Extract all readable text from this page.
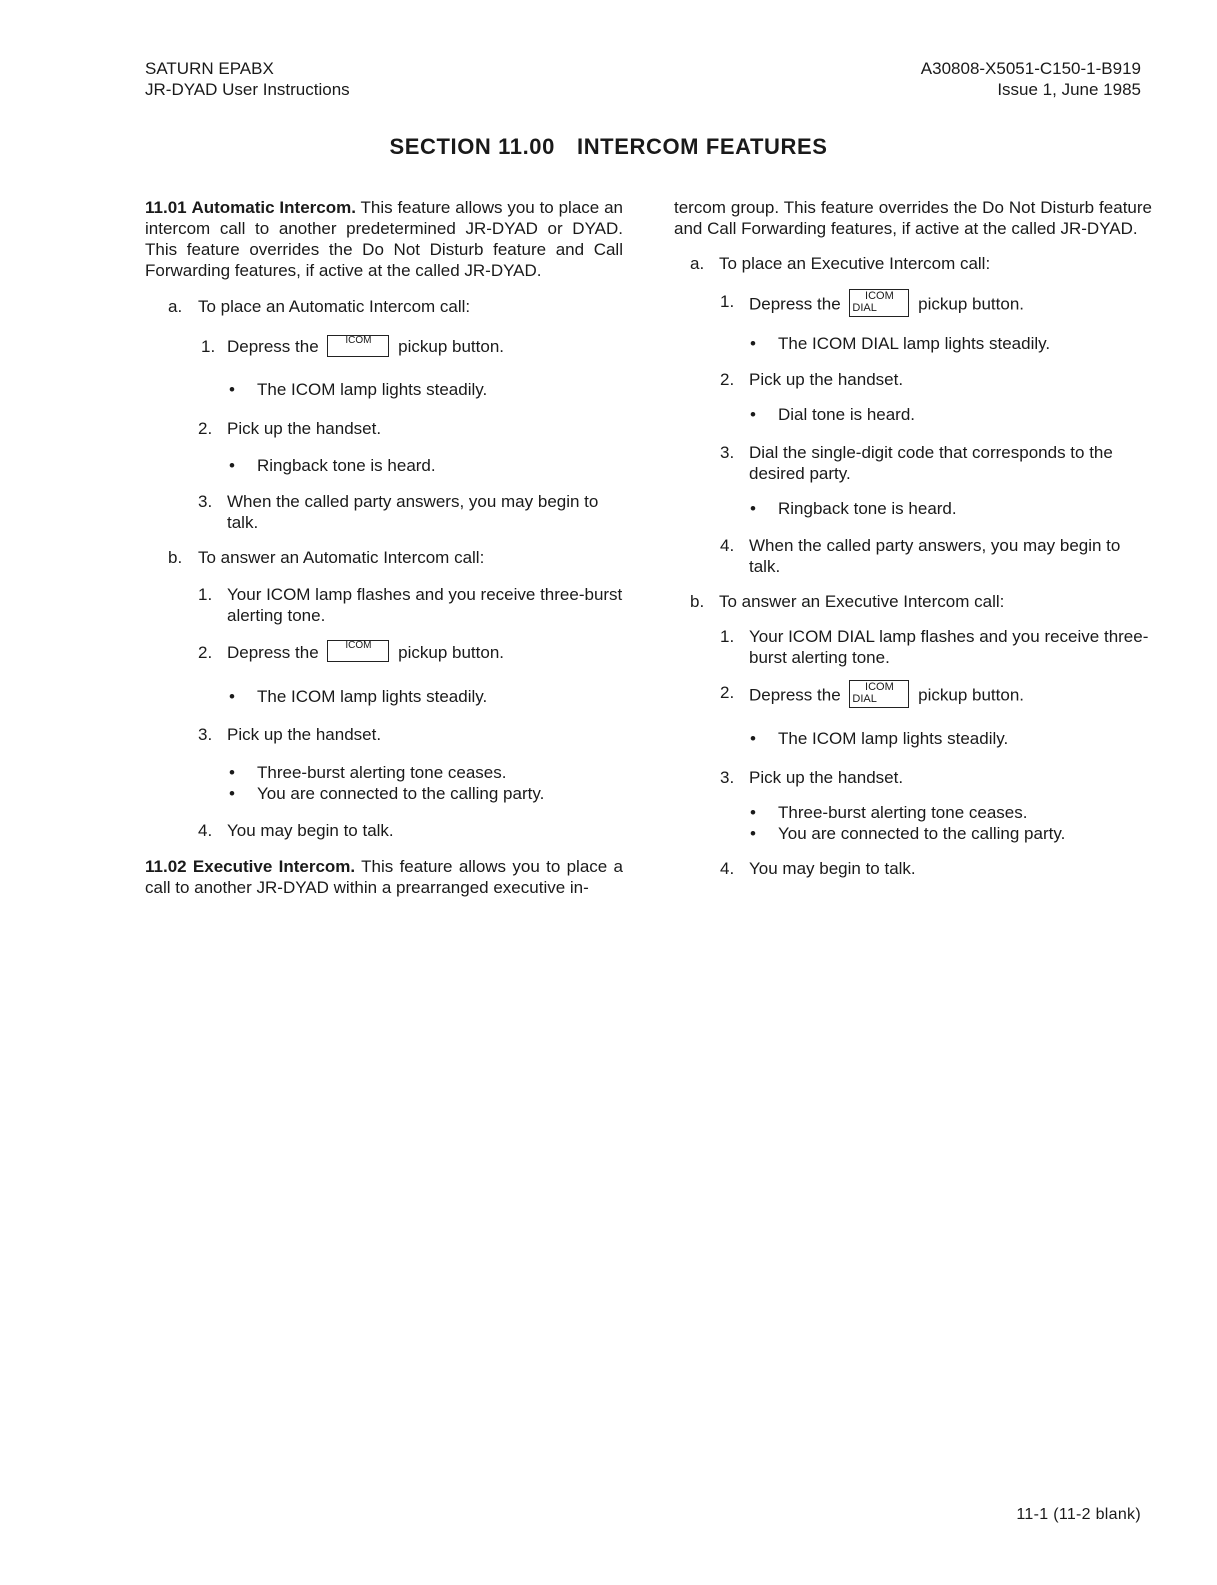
SATURN EPABX
JR-DYAD User Instructions
A30808-X5051-C150-1-B919
Issue 1, June 1985
SECTION 11.00 INTERCOM FEATURES

11.01 Automatic Intercom. This feature allows you to place an intercom call to another predetermined JR-DYAD or DYAD. This feature overrides the Do Not Disturb feature and Call Forwarding features, if active at the called JR-DYAD.

a. To place an Automatic Intercom call:
1. Depress the	ICOM pickup button.
• The ICOM lamp lights steadily.
2. Pick up the handset.
• Ringback tone is heard.
3. When the called party answers, you may begin to talk.
b. To answer an Automatic Intercom call:
1. Your ICOM lamp flashes and you receive three-burst alerting tone.
2. Depress the	ICOM pickup button.
• The ICOM lamp lights steadily.
3. Pick up the handset.
• Three-burst alerting tone ceases.
• You are connected to the calling party.
4. You may begin to talk.

11.02 Executive Intercom. This feature allows you to place a call to another JR-DYAD within a prearranged executive in-

tercom group. This feature overrides the Do Not Disturb feature and Call Forwarding features, if active at the called JR-DYAD.

a. To place an Executive Intercom call:
1. Depress the	ICOM
DIAL	pickup button.
• The ICOM DIAL lamp lights steadily.
2. Pick up the handset.
• Dial tone is heard.
3. Dial the single-digit code that corresponds to the desired party.
• Ringback tone is heard.
4. When the called party answers, you may begin to talk.
b. To answer an Executive Intercom call:
1. Your ICOM DIAL lamp flashes and you receive three-burst alerting tone.
2. Depress the	ICOM
DIAL	pickup button.
• The ICOM lamp lights steadily.
3. Pick up the handset.
• Three-burst alerting tone ceases.
• You are connected to the calling party.
4. You may begin to talk.
11-1 (11-2 blank)
